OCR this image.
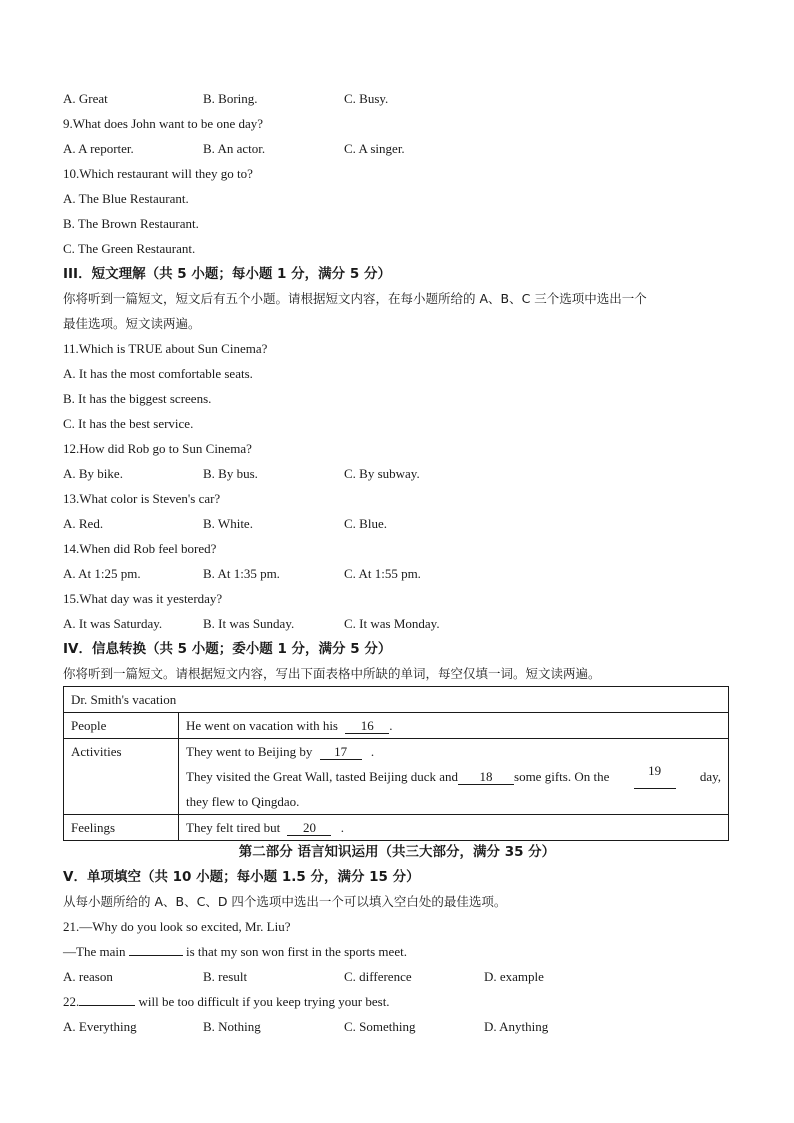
A. Great	B. Boring.	C. Busy.
9.What does John want to be one day?
A. A reporter.	B. An actor.	C. A singer.
10.Which restaurant will they go to?
A. The Blue Restaurant.
B. The Brown Restaurant.
C. The Green Restaurant.
III．短文理解（共 5 小题；每小题 1 分，满分 5 分）
你将听到一篇短文，短文后有五个小题。请根据短文内容，在每小题所给的 A、B、C 三个选项中选出一个
最佳选项。短文读两遍。
11.Which is TRUE about Sun Cinema?
A. It has the most comfortable seats.
B. It has the biggest screens.
C. It has the best service.
12.How did Rob go to Sun Cinema?
A. By bike.	B. By bus.	C. By subway.
13.What color is Steven's car?
A. Red.	B. White.	C. Blue.
14.When did Rob feel bored?
A. At 1:25 pm.	B. At 1:35 pm.	C. At 1:55 pm.
15.What day was it yesterday?
A. It was Saturday.	B. It was Sunday.	C. It was Monday.
IV．信息转换（共 5 小题；委小题 1 分，满分 5 分）
你将听到一篇短文。请根据短文内容，写出下面表格中所缺的单词，每空仅填一词。短文读两遍。
Dr. Smith's vacation	

People	He went on vacation with his 16 .

Activities	They went to Beijing by 17 .
They visited the Great Wall, tasted Beijing duck and 18 some gifts. On the 19 day,
they flew to Qingdao.

Feelings	They felt tired but 20 .
第二部分 语言知识运用（共三大部分，满分 35 分）
V．单项填空（共 10 小题；每小题 1.5 分，满分 15 分）
从每小题所给的 A、B、C、D 四个选项中选出一个可以填入空白处的最佳选项。
21.—Why do you look so excited, Mr. Liu?
—The main	is that my son won first in the sports meet.
A. reason	B. result	C. difference	D. example
22.	will be too difficult if you keep trying your best.
A. Everything	B. Nothing	C. Something	D. Anything
